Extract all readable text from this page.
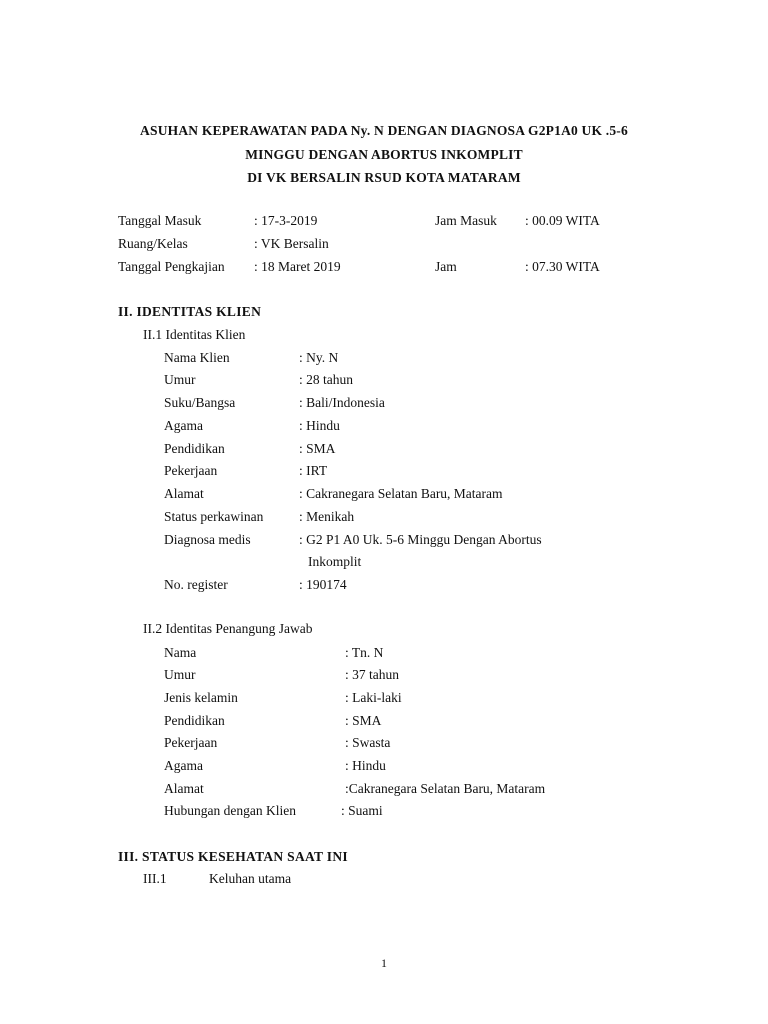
ASUHAN KEPERAWATAN PADA Ny. N DENGAN DIAGNOSA G2P1A0 UK .5-6
MINGGU DENGAN ABORTUS INKOMPLIT
DI VK BERSALIN RSUD KOTA MATARAM
Tanggal Masuk	: 17-3-2019	Jam Masuk : 00.09 WITA
Ruang/Kelas	: VK Bersalin
Tanggal Pengkajian : 18 Maret 2019	Jam	: 07.30 WITA
II. IDENTITAS KLIEN
II.1 Identitas Klien
Nama Klien	: Ny. N
Umur	: 28 tahun
Suku/Bangsa	: Bali/Indonesia
Agama	: Hindu
Pendidikan	: SMA
Pekerjaan	: IRT
Alamat	: Cakranegara Selatan Baru, Mataram
Status perkawinan	: Menikah
Diagnosa medis	: G2 P1 A0 Uk. 5-6 Minggu Dengan Abortus
Inkomplit
No. register	: 190174
II.2 Identitas Penangung Jawab
Nama	: Tn. N
Umur	: 37 tahun
Jenis kelamin	: Laki-laki
Pendidikan	: SMA
Pekerjaan	: Swasta
Agama	: Hindu
Alamat	:Cakranegara Selatan Baru, Mataram
Hubungan dengan Klien	: Suami
III. STATUS KESEHATAN SAAT INI
III.1	Keluhan utama
1
